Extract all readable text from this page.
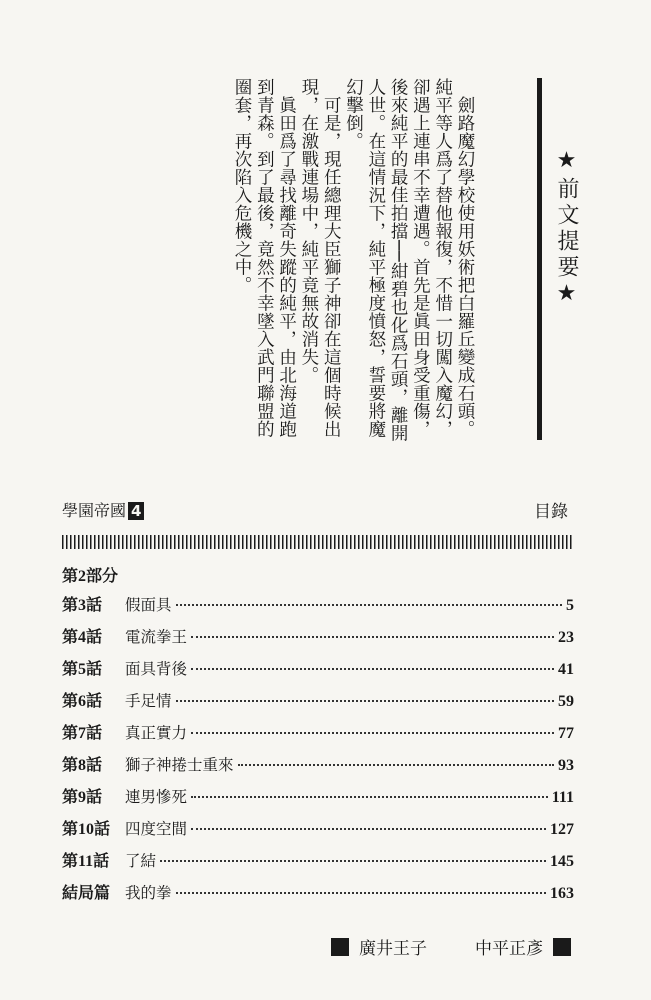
劍路魔幻學校使用妖術把白羅丘變成石頭。純平等人爲了替他報復，不惜一切闖入魔幻，卻遇上連串不幸遭遇。首先是眞田身受重傷，後來純平的最佳拍擋──紺碧也化爲石頭，離開人世。在這情況下，純平極度憤怒，誓要將魔幻擊倒。

可是，現任總理大臣獅子神卻在這個時候出現，在激戰連場中，純平竟無故消失。

眞田爲了尋找離奇失蹤的純平，由北海道跑到青森。到了最後，竟然不幸墜入武門聯盟的圈套，再次陷入危機之中。	★前文提要★
學園帝國 4	目錄
第2部分
第3話	假面具	5
第4話	電流拳王	23
第5話	面具背後	41
第6話	手足情	59
第7話	真正實力	77
第8話	獅子神捲士重來	93
第9話	連男慘死	111
第10話 四度空間	127
第11話	了結	145
結局篇 我的拳	163
廣井王子	中平正彥
